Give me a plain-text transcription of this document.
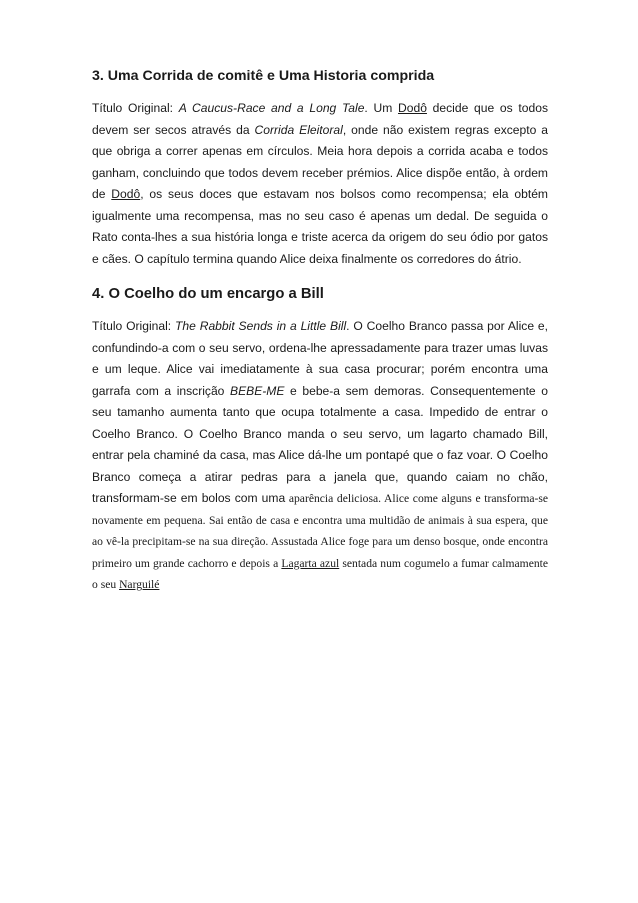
3. Uma Corrida de comitê e Uma Historia comprida

Título Original: A Caucus-Race and a Long Tale. Um Dodô decide que os todos devem ser secos através da Corrida Eleitoral, onde não existem regras excepto a que obriga a correr apenas em círculos. Meia hora depois a corrida acaba e todos ganham, concluindo que todos devem receber prémios. Alice dispõe então, à ordem de Dodô, os seus doces que estavam nos bolsos como recompensa; ela obtém igualmente uma recompensa, mas no seu caso é apenas um dedal. De seguida o Rato conta-lhes a sua história longa e triste acerca da origem do seu ódio por gatos e cães. O capítulo termina quando Alice deixa finalmente os corredores do átrio.

4. O Coelho do um encargo a Bill

Título Original: The Rabbit Sends in a Little Bill. O Coelho Branco passa por Alice e, confundindo-a com o seu servo, ordena-lhe apressadamente para trazer umas luvas e um leque. Alice vai imediatamente à sua casa procurar; porém encontra uma garrafa com a inscrição BEBE-ME e bebe-a sem demoras. Consequentemente o seu tamanho aumenta tanto que ocupa totalmente a casa. Impedido de entrar o Coelho Branco. O Coelho Branco manda o seu servo, um lagarto chamado Bill, entrar pela chaminé da casa, mas Alice dá-lhe um pontapé que o faz voar. O Coelho Branco começa a atirar pedras para a janela que, quando caiam no chão, transformam-se em bolos com uma aparência deliciosa. Alice come alguns e transforma-se novamente em pequena. Sai então de casa e encontra uma multidão de animais à sua espera, que ao vê-la precipitam-se na sua direção. Assustada Alice foge para um denso bosque, onde encontra primeiro um grande cachorro e depois a Lagarta azul sentada num cogumelo a fumar calmamente o seu Narguilé
